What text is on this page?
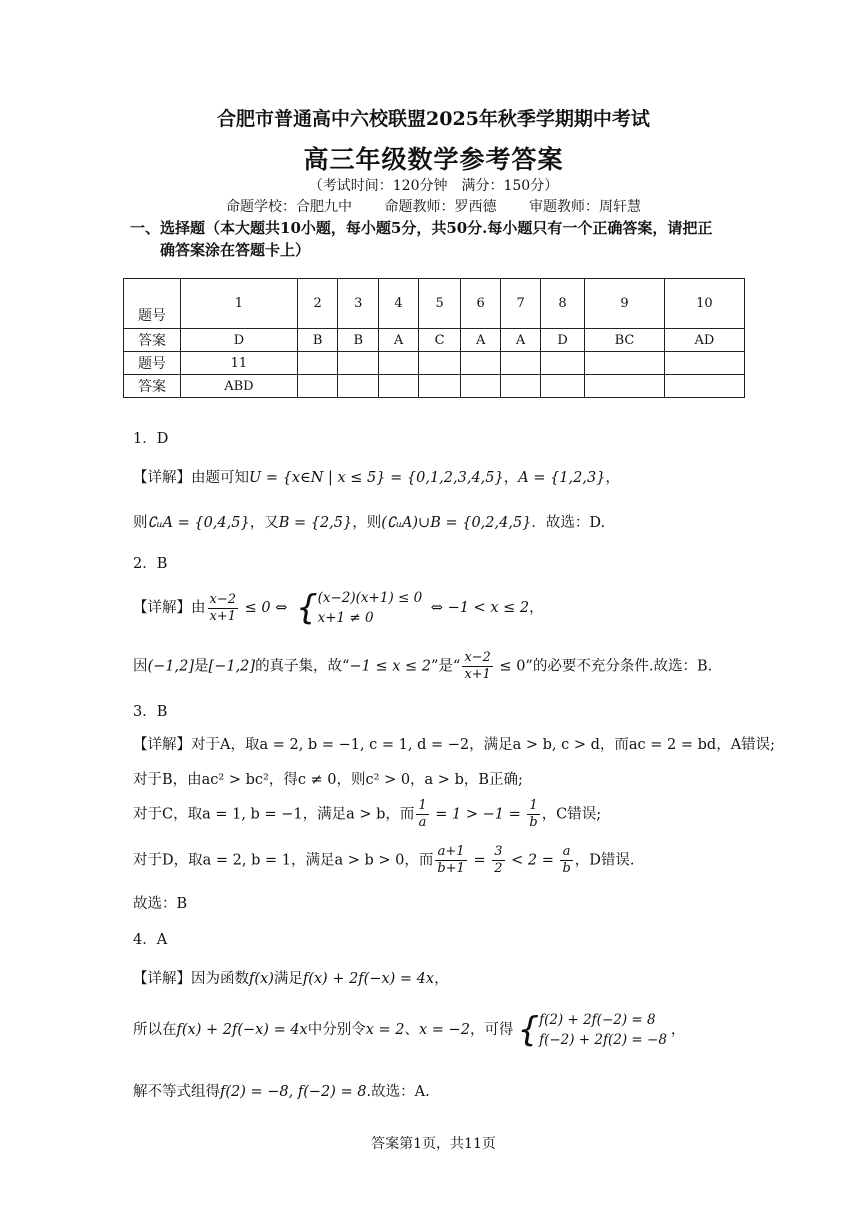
合肥市普通高中六校联盟2025年秋季学期期中考试
高三年级数学参考答案
（考试时间：120分钟　满分：150分）
命题学校：合肥九中 命题教师：罗西德 审题教师：周轩慧
一、选择题（本大题共10小题，每小题5分，共50分.每小题只有一个正确答案，请把正
确答案涂在答题卡上）
题号	1	2	3	4	5	6	7	8	9	10
答案	D	B	B	A	C	A	A	D	BC	AD
题号	11									
答案	ABD									
1．D
【详解】由题可知U = {x∈N | x ≤ 5} = {0,1,2,3,4,5}，A = {1,2,3}，
则∁ᵤA = {0,4,5}，又B = {2,5}，则(∁ᵤA)∪B = {0,2,4,5}．故选：D.
2．B
【详解】由 $\frac{x-2}{x+1} \le 0$ ⇔ { (x−2)(x+1) ≤ 0
x+1 ≠ 0
⇔ −1 < x ≤ 2，
因(−1,2]是[−1,2]的真子集，故“−1 ≤ x ≤ 2”是“ $\frac{x-2}{x+1} \le 0$”的必要不充分条件.故选：B.
3．B
【详解】对于A，取a = 2, b = −1, c = 1, d = −2，满足a > b, c > d，而ac = 2 = bd，A错误;
对于B，由ac² > bc²，得c ≠ 0，则c² > 0，a > b，B正确;
对于C，取a = 1, b = −1，满足a > b，而 $\frac{1}{a} = 1 > -1 = \frac{1}{b}$ ，C错误;
对于D，取a = 2, b = 1，满足a > b > 0，而 $\frac{a+1}{b+1} = \frac{3}{2} < 2 = \frac{a}{b}$ ，D错误.
故选：B
4．A
【详解】因为函数f(x)满足f(x) + 2f(−x) = 4x，
所以在f(x) + 2f(−x) = 4x中分别令x = 2、x = −2，可得 { f(2) + 2f(−2) = 8
f(−2) + 2f(2) = −8
，
解不等式组得f(2) = −8, f(−2) = 8.故选：A.
答案第1页，共11页
